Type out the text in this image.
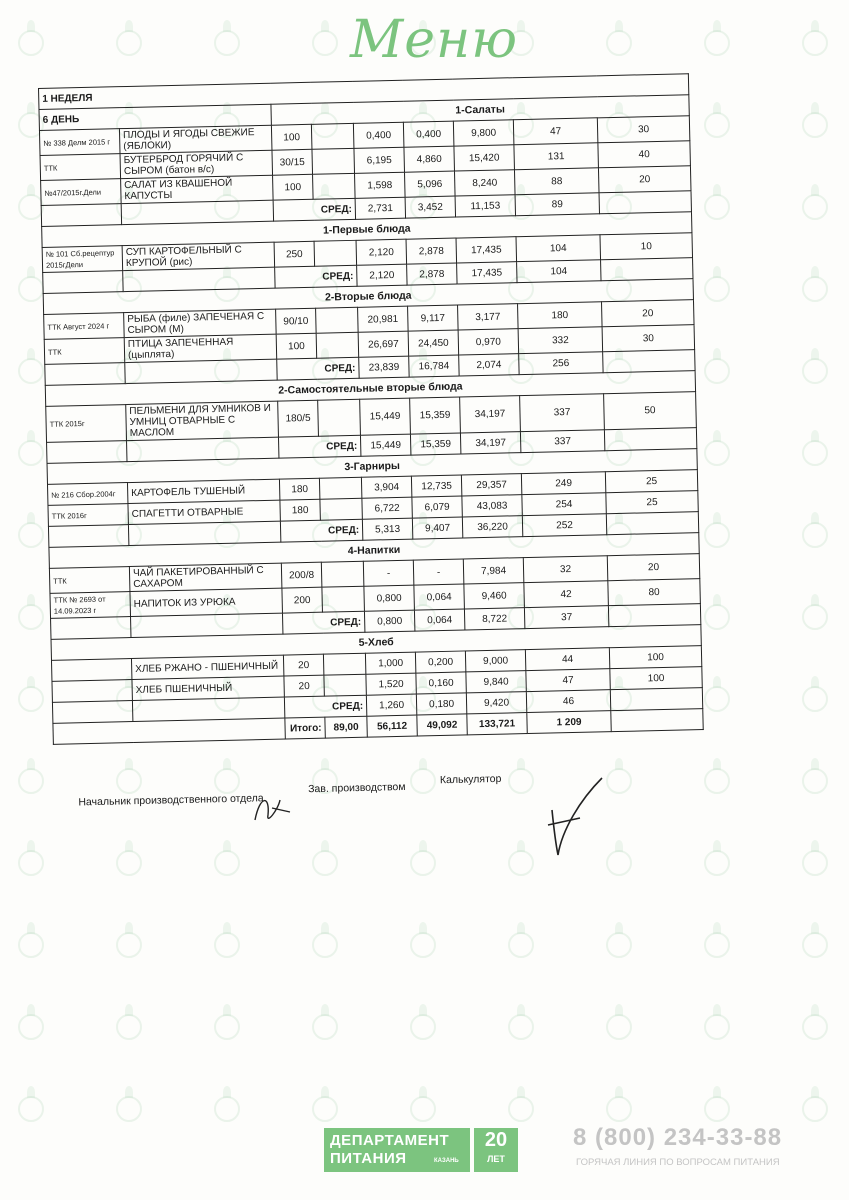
Меню
1 НЕДЕЛЯ								
6 ДЕНЬ		1-Салаты						
№ 338 Делм 2015 г	ПЛОДЫ И ЯГОДЫ СВЕЖИЕ (ЯБЛОКИ)	100		0,400	0,400	9,800	47	30
ТТК	БУТЕРБРОД ГОРЯЧИЙ С СЫРОМ (батон в/с)	30/15		6,195	4,860	15,420	131	40
№47/2015г.Дели	САЛАТ ИЗ КВАШЕНОЙ КАПУСТЫ	100		1,598	5,096	8,240	88	20
		СРЕД:		2,731	3,452	11,153	89	
1-Первые блюда								
№ 101 Сб.рецептур 2015гДели	СУП КАРТОФЕЛЬНЫЙ С КРУПОЙ (рис)	250		2,120	2,878	17,435	104	10
		СРЕД:		2,120	2,878	17,435	104	
2-Вторые блюда								
ТТК Август 2024 г	РЫБА (филе) ЗАПЕЧЕНАЯ С СЫРОМ (М)	90/10		20,981	9,117	3,177	180	20
ТТК	ПТИЦА ЗАПЕЧЕННАЯ (цыплята)	100		26,697	24,450	0,970	332	30
		СРЕД:		23,839	16,784	2,074	256	
2-Самостоятельные вторые блюда								
ТТК 2015г	ПЕЛЬМЕНИ ДЛЯ УМНИКОВ И УМНИЦ ОТВАРНЫЕ С МАСЛОМ	180/5		15,449	15,359	34,197	337	50
		СРЕД:		15,449	15,359	34,197	337	
3-Гарниры								
№ 216 Сбор.2004г	КАРТОФЕЛЬ ТУШЕНЫЙ	180		3,904	12,735	29,357	249	25
ТТК 2016г	СПАГЕТТИ ОТВАРНЫЕ	180		6,722	6,079	43,083	254	25
		СРЕД:		5,313	9,407	36,220	252	
4-Напитки								
ТТК	ЧАЙ ПАКЕТИРОВАННЫЙ С САХАРОМ	200/8		-	-	7,984	32	20
ТТК № 2693 от 14.09.2023 г	НАПИТОК ИЗ УРЮКА	200		0,800	0,064	9,460	42	80
		СРЕД:		0,800	0,064	8,722	37	
5-Хлеб								
	ХЛЕБ РЖАНО - ПШЕНИЧНЫЙ	20		1,000	0,200	9,000	44	100
	ХЛЕБ ПШЕНИЧНЫЙ	20		1,520	0,160	9,840	47	100
		СРЕД:		1,260	0,180	9,420	46	
		Итого:	89,00	56,112	49,092	133,721	1 209	
Начальник производственного отдела
Зав. производством
Калькулятор
ДЕПАРТАМЕНТ
ПИТАНИЯ	КАЗАНЬ
20
ЛЕТ
8 (800) 234-33-88
ГОРЯЧАЯ ЛИНИЯ ПО ВОПРОСАМ ПИТАНИЯ
